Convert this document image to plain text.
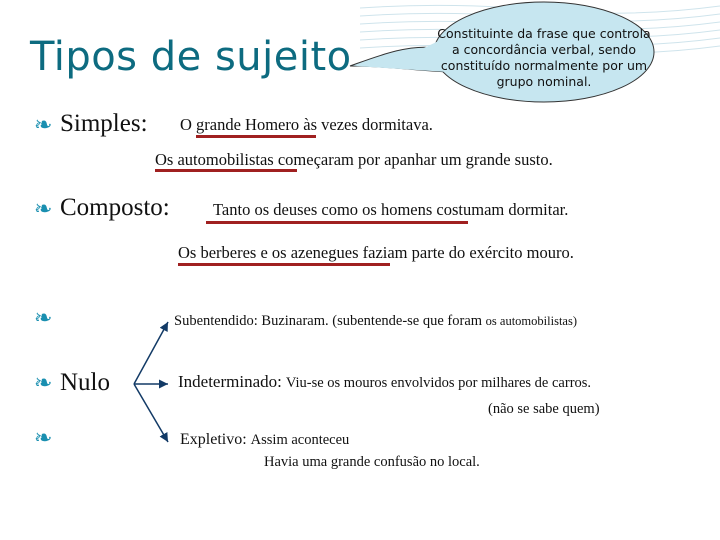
Constituinte da frase que controla a concordância verbal, sendo constituído normalmente por um grupo nominal.
Tipos de sujeito
❧ Simples: O grande Homero às vezes dormitava.
Os automobilistas começaram por apanhar um grande susto.
❧ Composto:	Tanto os deuses como os homens costumam dormitar.
Os berberes e os azenegues faziam parte do exército mouro.
❧
❧ Nulo
❧
Subentendido: Buzinaram. (subentende-se que foram os automobilistas)
Indeterminado: Viu-se os mouros envolvidos por milhares de carros.
(não se sabe quem)
Expletivo: Assim aconteceu
Havia uma grande confusão no local.
